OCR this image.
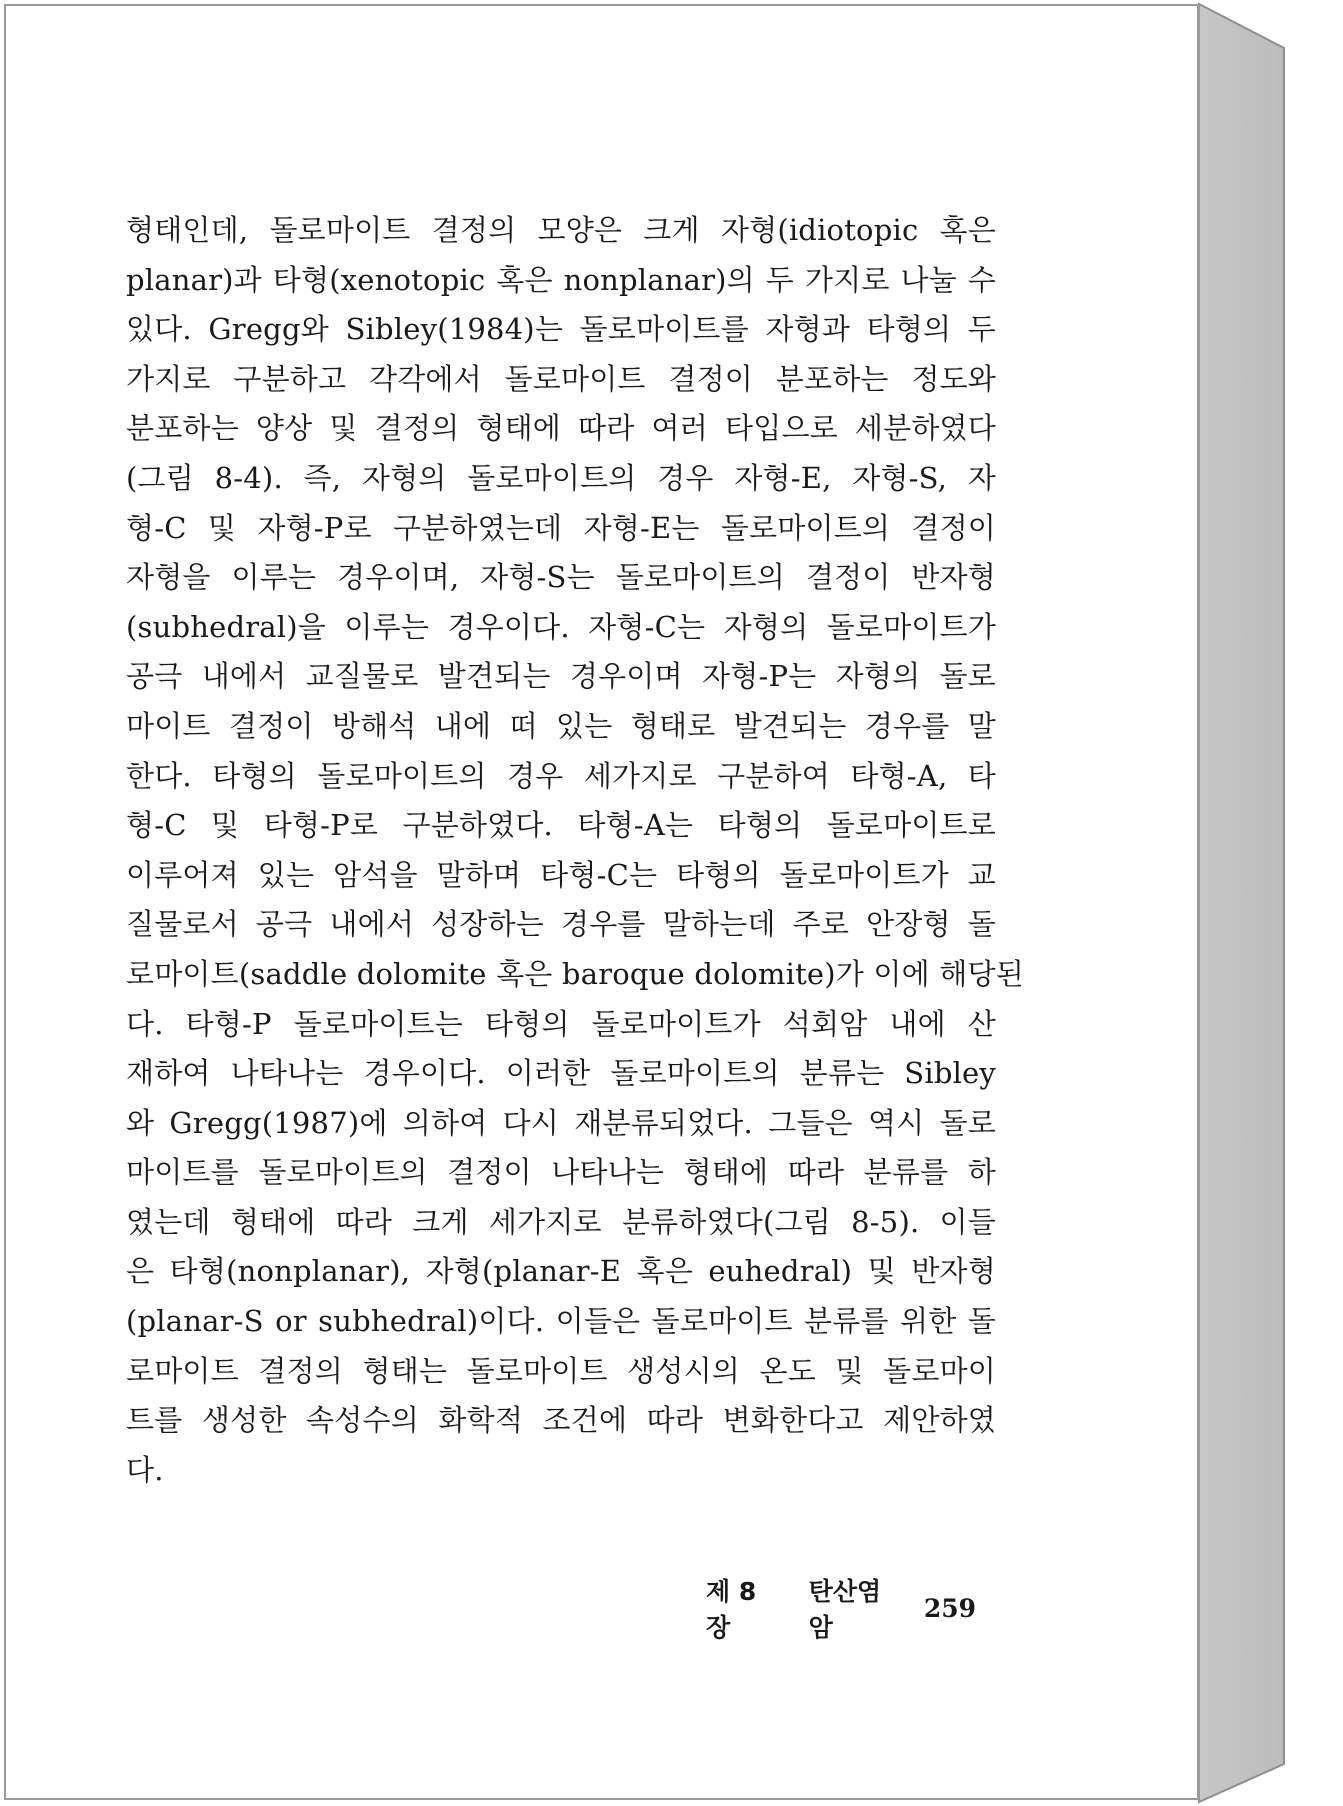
형태인데, 돌로마이트 결정의 모양은 크게 자형(idiotopic 혹은
planar)과 타형(xenotopic 혹은 nonplanar)의 두 가지로 나눌 수
있다. Gregg와 Sibley(1984)는 돌로마이트를 자형과 타형의 두
가지로 구분하고 각각에서 돌로마이트 결정이 분포하는 정도와
분포하는 양상 및 결정의 형태에 따라 여러 타입으로 세분하였다
(그림 8-4). 즉, 자형의 돌로마이트의 경우 자형-E, 자형-S, 자
형-C 및 자형-P로 구분하였는데 자형-E는 돌로마이트의 결정이
자형을 이루는 경우이며, 자형-S는 돌로마이트의 결정이 반자형
(subhedral)을 이루는 경우이다. 자형-C는 자형의 돌로마이트가
공극 내에서 교질물로 발견되는 경우이며 자형-P는 자형의 돌로
마이트 결정이 방해석 내에 떠 있는 형태로 발견되는 경우를 말
한다. 타형의 돌로마이트의 경우 세가지로 구분하여 타형-A, 타
형-C 및 타형-P로 구분하였다. 타형-A는 타형의 돌로마이트로
이루어져 있는 암석을 말하며 타형-C는 타형의 돌로마이트가 교
질물로서 공극 내에서 성장하는 경우를 말하는데 주로 안장형 돌
로마이트(saddle dolomite 혹은 baroque dolomite)가 이에 해당된
다. 타형-P 돌로마이트는 타형의 돌로마이트가 석회암 내에 산
재하여 나타나는 경우이다. 이러한 돌로마이트의 분류는 Sibley
와 Gregg(1987)에 의하여 다시 재분류되었다. 그들은 역시 돌로
마이트를 돌로마이트의 결정이 나타나는 형태에 따라 분류를 하
였는데 형태에 따라 크게 세가지로 분류하였다(그림 8-5). 이들
은 타형(nonplanar), 자형(planar-E 혹은 euhedral) 및 반자형
(planar-S or subhedral)이다. 이들은 돌로마이트 분류를 위한 돌
로마이트 결정의 형태는 돌로마이트 생성시의 온도 및 돌로마이
트를 생성한 속성수의 화학적 조건에 따라 변화한다고 제안하였
다.
제 8 장
탄산염암
259
